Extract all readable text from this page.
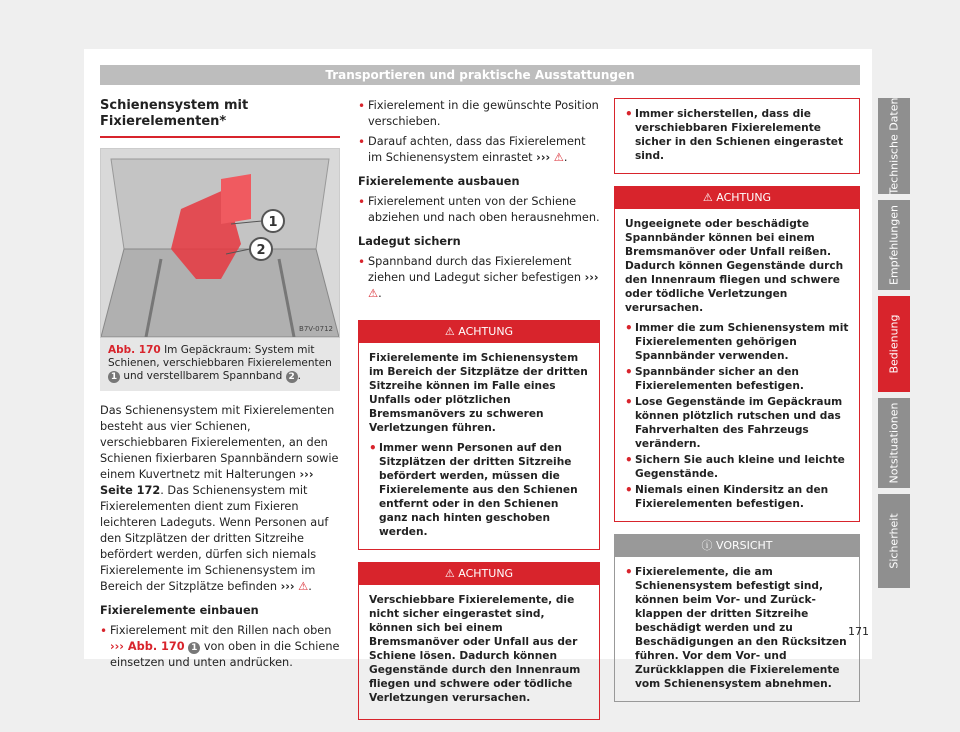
Transportieren und praktische Ausstattungen
Technische Daten
Empfehlungen
Bedienung
Notsituationen
Sicherheit
Schienensystem mit Fixierelementen*
1
2
B7V-0712
Abb. 170 Im Gepäckraum: System mit Schienen, verschiebbaren Fixierelementen 1 und verstellbarem Spannband 2 .

Das Schienensystem mit Fixierelementen besteht aus vier Schienen, verschiebbaren Fixierelementen, an den Schienen fixierbaren Spannbändern sowie einem Kuvertnetz mit Halterungen ››› Seite 172. Das Schienensystem mit Fixierelementen dient zum Fixieren leichteren Ladeguts. Wenn Personen auf den Sitzplätzen der dritten Sitzreihe befördert werden, dürfen sich niemals Fixierelemente im Schienensystem im Bereich der Sitzplätze befinden ››› ⚠.

Fixierelemente einbauen
• Fixierelement mit den Rillen nach oben ››› Abb. 170 1 von oben in die Schiene einsetzen und unten andrücken.
• Fixierelement in die gewünschte Position verschieben.
• Darauf achten, dass das Fixierelement im Schienensystem einrastet ››› ⚠.
Fixierelemente ausbauen
• Fixierelement unten von der Schiene abziehen und nach oben herausnehmen.
Ladegut sichern
• Spannband durch das Fixierelement ziehen und Ladegut sicher befestigen ››› ⚠.
⚠ ACHTUNG

Fixierelemente im Schienensystem im Bereich der Sitzplätze der dritten Sitzreihe können im Falle eines Unfalls oder plötzlichen Bremsmanövers zu schweren Verletzungen führen.

• Immer wenn Personen auf den Sitzplätzen der dritten Sitzreihe befördert werden, müssen die Fixierelemente aus den Schienen entfernt oder in den Schienen ganz nach hinten geschoben werden.
⚠ ACHTUNG

Verschiebbare Fixierelemente, die nicht sicher eingerastet sind, können sich bei einem Bremsmanöver oder Unfall aus der Schiene lösen. Dadurch können Gegenstände durch den Innenraum fliegen und schwere oder tödliche Verletzungen verursachen.

• Immer sicherstellen, dass die verschiebbaren Fixierelemente sicher in den Schienen eingerastet sind.
⚠ ACHTUNG

Ungeeignete oder beschädigte Spannbänder können bei einem Bremsmanöver oder Unfall reißen. Dadurch können Gegenstände durch den Innenraum fliegen und schwere oder tödliche Verletzungen verursachen.

• Immer die zum Schienensystem mit Fixierelementen gehörigen Spannbänder verwenden.
• Spannbänder sicher an den Fixierelementen befestigen.
• Lose Gegenstände im Gepäckraum können plötzlich rutschen und das Fahrverhalten des Fahrzeugs verändern.
• Sichern Sie auch kleine und leichte Gegenstände.
• Niemals einen Kindersitz an den Fixierelementen befestigen.
ⓘ VORSICHT
• Fixierelemente, die am Schienensystem befestigt sind, können beim Vor- und Zurückklappen der dritten Sitzreihe beschädigt werden und zu Beschädigungen an den Rücksitzen führen. Vor dem Vor- und Zurückklappen die Fixierelemente vom Schienensystem abnehmen.
171
